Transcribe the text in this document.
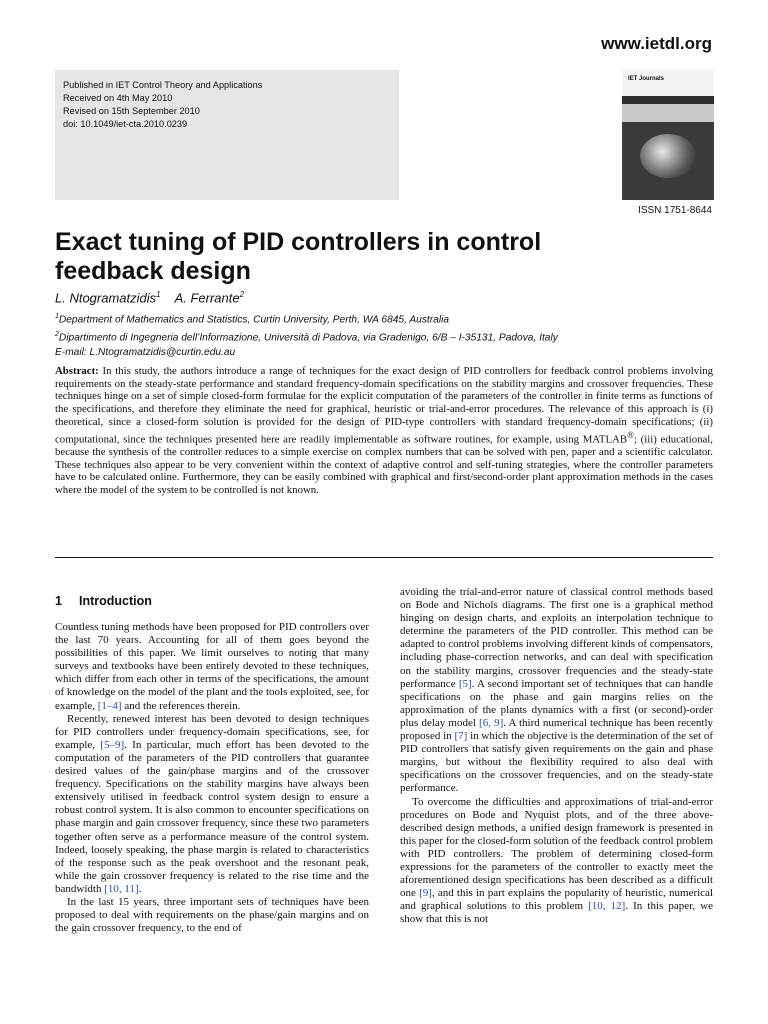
www.ietdl.org
Published in IET Control Theory and Applications
Received on 4th May 2010
Revised on 15th September 2010
doi: 10.1049/iet-cta.2010.0239
IET Journals
ISSN 1751-8644
Exact tuning of PID controllers in control feedback design
L. Ntogramatzidis$^1$ A. Ferrante$^2$
$^1$Department of Mathematics and Statistics, Curtin University, Perth, WA 6845, Australia
$^2$Dipartimento di Ingegneria dell’Informazione, Università di Padova, via Gradenigo, 6/B – I-35131, Padova, Italy
E-mail: L.Ntogramatzidis@curtin.edu.au
Abstract: In this study, the authors introduce a range of techniques for the exact design of PID controllers for feedback control problems involving requirements on the steady-state performance and standard frequency-domain specifications on the stability margins and crossover frequencies. These techniques hinge on a set of simple closed-form formulae for the explicit computation of the parameters of the controller in finite terms as functions of the specifications, and therefore they eliminate the need for graphical, heuristic or trial-and-error procedures. The relevance of this approach is (i) theoretical, since a closed-form solution is provided for the design of PID-type controllers with standard frequency-domain specifications; (ii) computational, since the techniques presented here are readily implementable as software routines, for example, using MATLAB®; (iii) educational, because the synthesis of the controller reduces to a simple exercise on complex numbers that can be solved with pen, paper and a scientific calculator. These techniques also appear to be very convenient within the context of adaptive control and self-tuning strategies, where the controller parameters have to be calculated online. Furthermore, they can be easily combined with graphical and first/second-order plant approximation methods in the cases where the model of the system to be controlled is not known.
1 Introduction

Countless tuning methods have been proposed for PID controllers over the last 70 years. Accounting for all of them goes beyond the possibilities of this paper. We limit ourselves to noting that many surveys and textbooks have been entirely devoted to these techniques, which differ from each other in terms of the specifications, the amount of knowledge on the model of the plant and the tools exploited, see, for example, [1–4] and the references therein.

Recently, renewed interest has been devoted to design techniques for PID controllers under frequency-domain specifications, see, for example, [5–9]. In particular, much effort has been devoted to the computation of the parameters of the PID controllers that guarantee desired values of the gain/phase margins and of the crossover frequency. Specifications on the stability margins have always been extensively utilised in feedback control system design to ensure a robust control system. It is also common to encounter specifications on phase margin and gain crossover frequency, since these two parameters together often serve as a performance measure of the control system. Indeed, loosely speaking, the phase margin is related to characteristics of the response such as the peak overshoot and the resonant peak, while the gain crossover frequency is related to the rise time and the bandwidth [10, 11].

In the last 15 years, three important sets of techniques have been proposed to deal with requirements on the phase/gain margins and on the gain crossover frequency, to the end of

avoiding the trial-and-error nature of classical control methods based on Bode and Nichols diagrams. The first one is a graphical method hinging on design charts, and exploits an interpolation technique to determine the parameters of the PID controller. This method can be adapted to control problems involving different kinds of compensators, including phase-correction networks, and can deal with specification on the stability margins, crossover frequencies and the steady-state performance [5]. A second important set of techniques that can handle specifications on the phase and gain margins relies on the approximation of the plants dynamics with a first (or second)-order plus delay model [6, 9]. A third numerical technique has been recently proposed in [7] in which the objective is the determination of the set of PID controllers that satisfy given requirements on the gain and phase margins, but without the flexibility required to also deal with specifications on the crossover frequencies, and on the steady-state performance.

To overcome the difficulties and approximations of trial-and-error procedures on Bode and Nyquist plots, and of the three above-described design methods, a unified design framework is presented in this paper for the closed-form solution of the feedback control problem with PID controllers. The problem of determining closed-form expressions for the parameters of the controller to exactly meet the aforementioned design specifications has been described as a difficult one [9], and this in part explains the popularity of heuristic, numerical and graphical solutions to this problem [10, 12]. In this paper, we show that this is not
